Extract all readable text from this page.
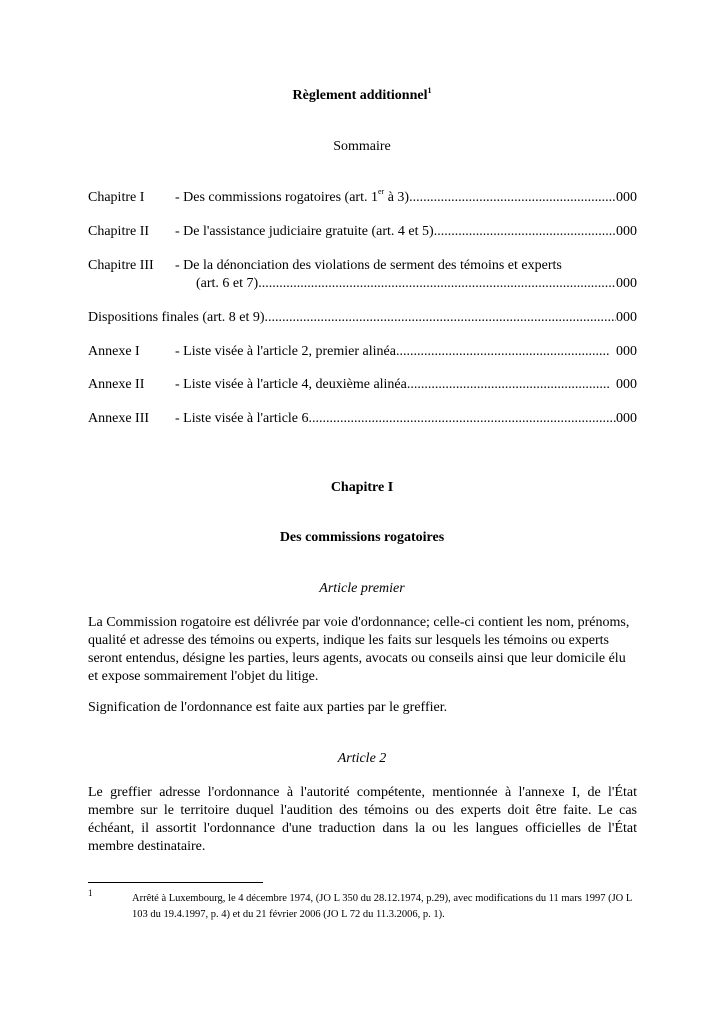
Règlement additionnel$^1$
Sommaire
Chapitre I - Des commissions rogatoires (art. 1er à 3) .....	000
Chapitre II - De l'assistance judiciaire gratuite (art. 4 et 5) .....	000
Chapitre III - De la dénonciation des violations de serment des témoins et experts
(art. 6 et 7) .....	000
Dispositions finales (art. 8 et 9) .....	000
Annexe I	- Liste visée à l'article 2, premier alinéa .....	000
Annexe II - Liste visée à l'article 4, deuxième alinéa .....	000
Annexe III - Liste visée à l'article 6 .....	000
Chapitre I
Des commissions rogatoires
Article premier
La Commission rogatoire est délivrée par voie d'ordonnance; celle-ci contient les nom, prénoms, qualité et adresse des témoins ou experts, indique les faits sur lesquels les témoins ou experts seront entendus, désigne les parties, leurs agents, avocats ou conseils ainsi que leur domicile élu et expose sommairement l'objet du litige.
Signification de l'ordonnance est faite aux parties par le greffier.
Article 2
Le greffier adresse l'ordonnance à l'autorité compétente, mentionnée à l'annexe I, de l'État membre sur le territoire duquel l'audition des témoins ou des experts doit être faite. Le cas échéant, il assortit l'ordonnance d'une traduction dans la ou les langues officielles de l'État membre destinataire.
1	Arrêté à Luxembourg, le 4 décembre 1974, (JO L 350 du 28.12.1974, p.29), avec modifications du 11 mars 1997 (JO L 103 du 19.4.1997, p. 4) et du 21 février 2006 (JO L 72 du 11.3.2006, p. 1).
